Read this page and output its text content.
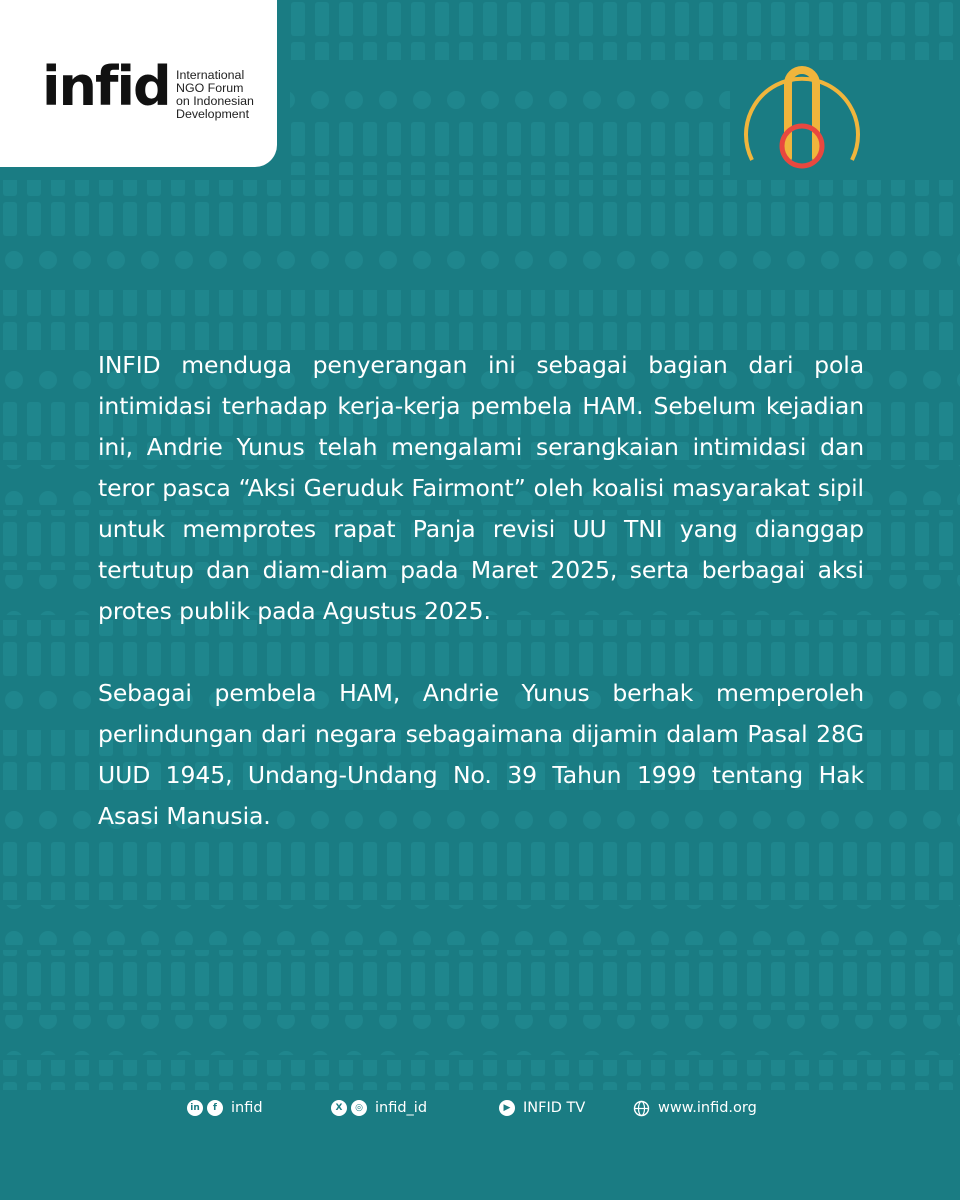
infid International
NGO Forum
on Indonesian
Development

INFID menduga penyerangan ini sebagai bagian dari pola intimidasi terhadap kerja-kerja pembela HAM. Sebelum kejadian ini, Andrie Yunus telah mengalami serangkaian intimidasi dan teror pasca “Aksi Geruduk Fairmont” oleh koalisi masyarakat sipil untuk memprotes rapat Panja revisi UU TNI yang dianggap tertutup dan diam-diam pada Maret 2025, serta berbagai aksi protes publik pada Agustus 2025.

Sebagai pembela HAM, Andrie Yunus berhak memperoleh perlindungan dari negara sebagaimana dijamin dalam Pasal 28G UUD 1945, Undang-Undang No. 39 Tahun 1999 tentang Hak Asasi Manusia.

in	f infid	X	◎ infid_id	▶ INFID TV	www.infid.org
